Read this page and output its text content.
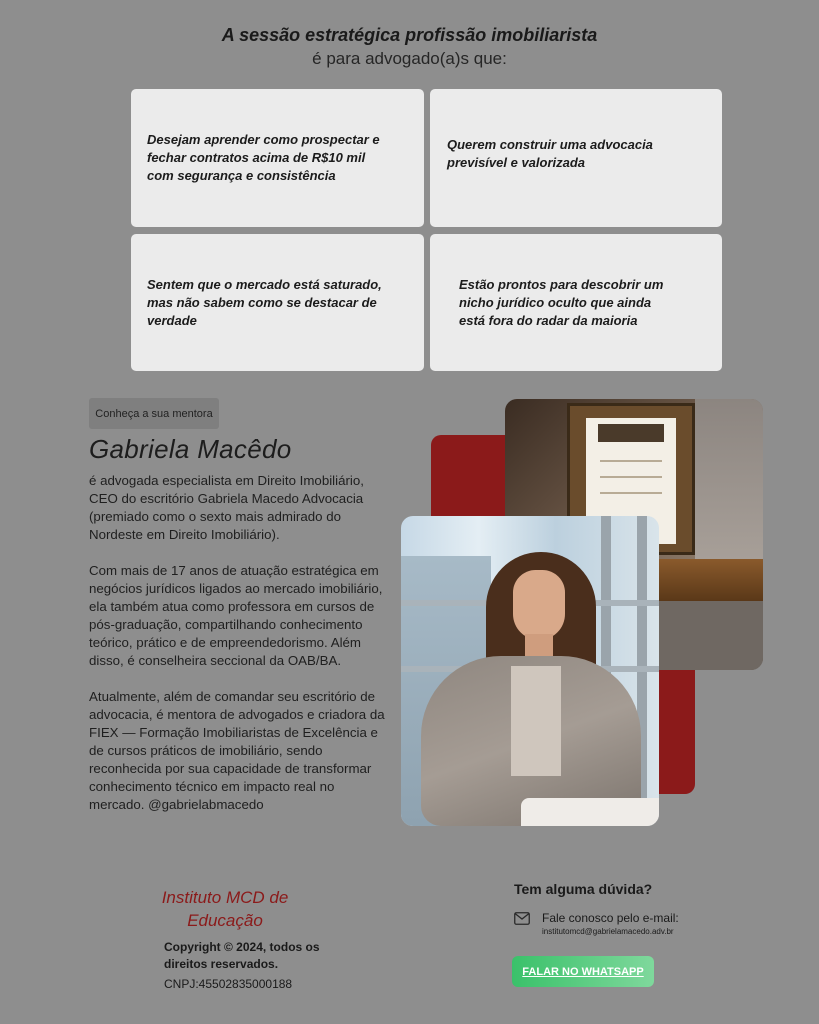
A sessão estratégica profissão imobiliarista
é para advogado(a)s que:
Desejam aprender como prospectar e fechar contratos acima de R$10 mil com segurança e consistência
Querem construir uma advocacia previsível e valorizada
Sentem que o mercado está saturado, mas não sabem como se destacar de verdade
Estão prontos para descobrir um nicho jurídico oculto que ainda está fora do radar da maioria
Conheça a sua mentora
Gabriela Macêdo

é advogada especialista em Direito Imobiliário, CEO do escritório Gabriela Macedo Advocacia (premiado como o sexto mais admirado do Nordeste em Direito Imobiliário).

Com mais de 17 anos de atuação estratégica em negócios jurídicos ligados ao mercado imobiliário, ela também atua como professora em cursos de pós-graduação, compartilhando conhecimento teórico, prático e de empreendedorismo. Além disso, é conselheira seccional da OAB/BA.

Atualmente, além de comandar seu escritório de advocacia, é mentora de advogados e criadora da FIEX — Formação Imobiliaristas de Excelência e de cursos práticos de imobiliário, sendo reconhecida por sua capacidade de transformar conhecimento técnico em impacto real no mercado. @gabrielabmacedo

Instituto MCD de Educação
Copyright © 2024, todos os direitos reservados.
CNPJ:45502835000188
Tem alguma dúvida?
Fale conosco pelo e-mail:
institutomcd@gabrielamacedo.adv.br
FALAR NO WHATSAPP
